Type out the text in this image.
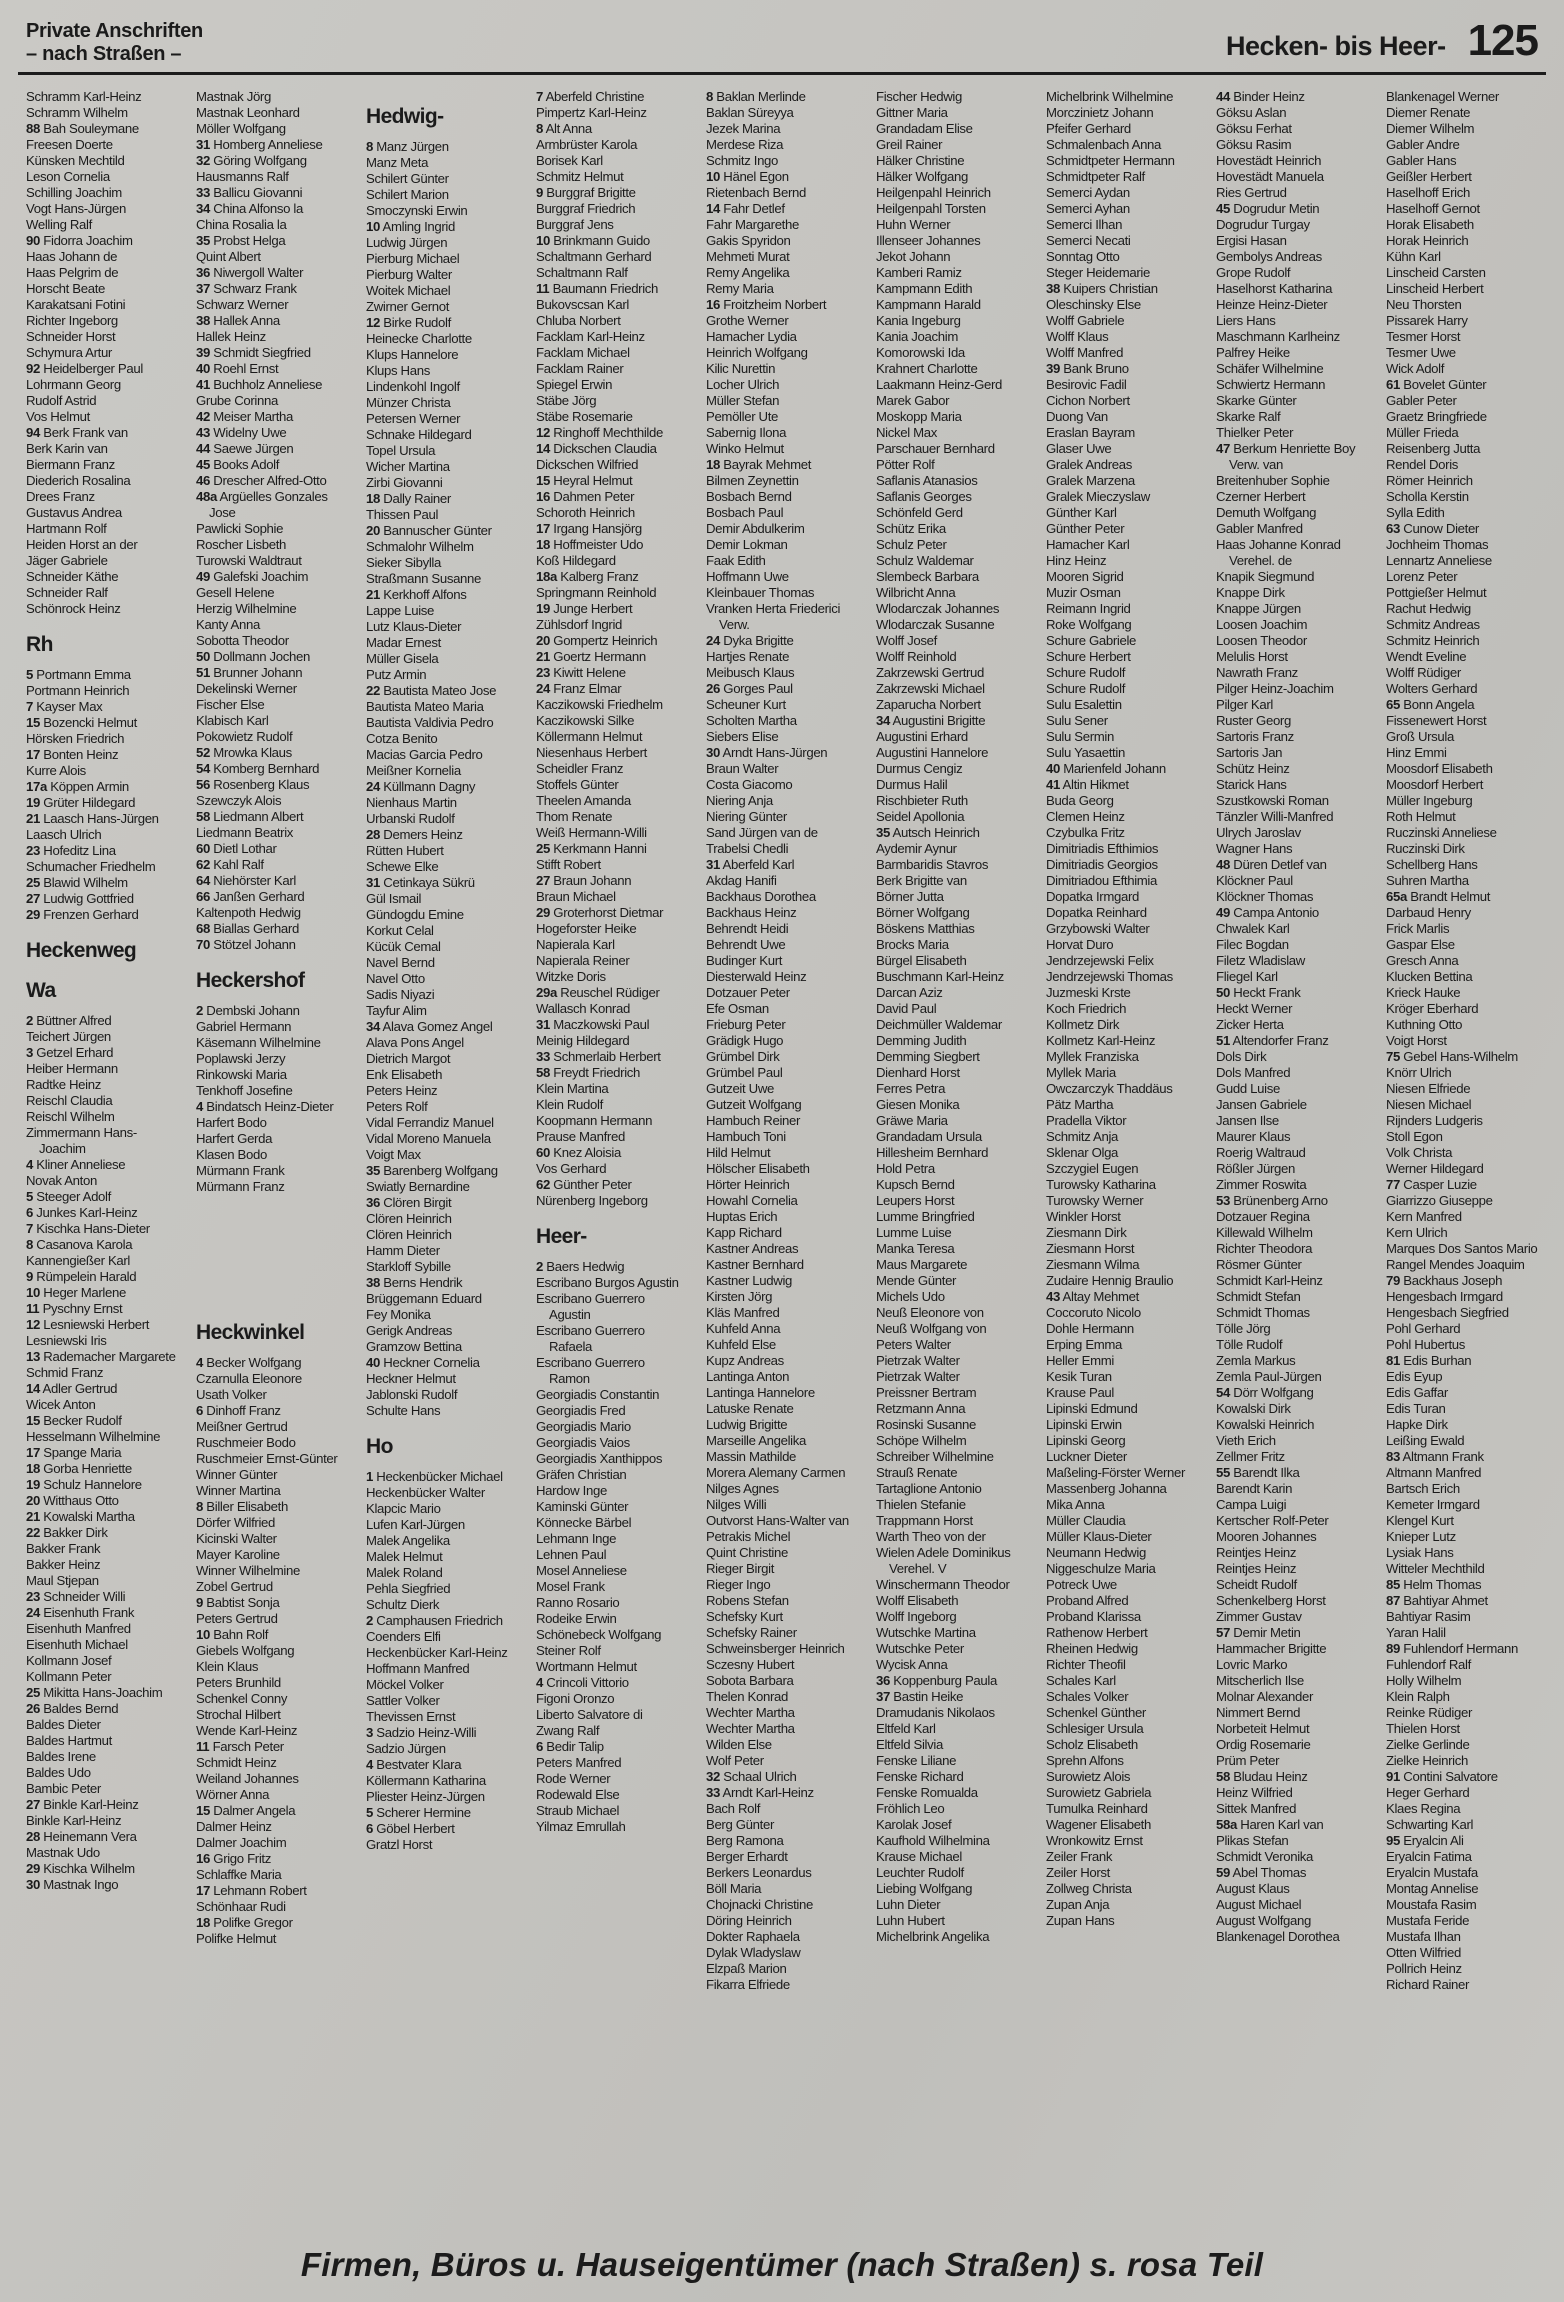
Private Anschriften
– nach Straßen –	Hecken- bis Heer- 125
Schramm Karl-Heinz
Schramm Wilhelm
88 Bah Souleymane
Freesen Doerte
Künsken Mechtild
Leson Cornelia
Schilling Joachim
Vogt Hans-Jürgen
Welling Ralf
90 Fidorra Joachim
Haas Johann de
Haas Pelgrim de
Horscht Beate
Karakatsani Fotini
Richter Ingeborg
Schneider Horst
Schymura Artur
92 Heidelberger Paul
Lohrmann Georg
Rudolf Astrid
Vos Helmut
94 Berk Frank van
Berk Karin van
Biermann Franz
Diederich Rosalina
Drees Franz
Gustavus Andrea
Hartmann Rolf
Heiden Horst an der
Jäger Gabriele
Schneider Käthe
Schneider Ralf
Schönrock Heinz
Rh
5 Portmann Emma
Portmann Heinrich
7 Kayser Max
15 Bozencki Helmut
Hörsken Friedrich
17 Bonten Heinz
Kurre Alois
17a Köppen Armin
19 Grüter Hildegard
21 Laasch Hans-Jürgen
Laasch Ulrich
23 Hofeditz Lina
Schumacher Friedhelm
25 Blawid Wilhelm
27 Ludwig Gottfried
29 Frenzen Gerhard
Heckenweg
Wa
2 Büttner Alfred
Teichert Jürgen
3 Getzel Erhard
Heiber Hermann
Radtke Heinz
Reischl Claudia
Reischl Wilhelm
Zimmermann Hans-Joachim
4 Kliner Anneliese
Novak Anton
5 Steeger Adolf
6 Junkes Karl-Heinz
7 Kischka Hans-Dieter
8 Casanova Karola
Kannengießer Karl
9 Rümpelein Harald
10 Heger Marlene
11 Pyschny Ernst
12 Lesniewski Herbert
Lesniewski Iris
13 Rademacher Margarete
Schmid Franz
14 Adler Gertrud
Wicek Anton
15 Becker Rudolf
Hesselmann Wilhelmine
17 Spange Maria
18 Gorba Henriette
19 Schulz Hannelore
20 Witthaus Otto
21 Kowalski Martha
22 Bakker Dirk
Bakker Frank
Bakker Heinz
Maul Stjepan
23 Schneider Willi
24 Eisenhuth Frank
Eisenhuth Manfred
Eisenhuth Michael
Kollmann Josef
Kollmann Peter
25 Mikitta Hans-Joachim
26 Baldes Bernd
Baldes Dieter
Baldes Hartmut
Baldes Irene
Baldes Udo
Bambic Peter
27 Binkle Karl-Heinz
Binkle Karl-Heinz
28 Heinemann Vera
Mastnak Udo
29 Kischka Wilhelm
30 Mastnak Ingo
Mastnak Jörg
Mastnak Leonhard
Möller Wolfgang
31 Homberg Anneliese
32 Göring Wolfgang
Hausmanns Ralf
33 Ballicu Giovanni
34 China Alfonso la
China Rosalia la
35 Probst Helga
Quint Albert
36 Niwergoll Walter
37 Schwarz Frank
Schwarz Werner
38 Hallek Anna
Hallek Heinz
39 Schmidt Siegfried
40 Roehl Ernst
41 Buchholz Anneliese
Grube Corinna
42 Meiser Martha
43 Widelny Uwe
44 Saewe Jürgen
45 Books Adolf
46 Drescher Alfred-Otto
48a Argüelles Gonzales Jose
Pawlicki Sophie
Roscher Lisbeth
Turowski Waldtraut
49 Galefski Joachim
Gesell Helene
Herzig Wilhelmine
Kanty Anna
Sobotta Theodor
50 Dollmann Jochen
51 Brunner Johann
Dekelinski Werner
Fischer Else
Klabisch Karl
Pokowietz Rudolf
52 Mrowka Klaus
54 Komberg Bernhard
56 Rosenberg Klaus
Szewczyk Alois
58 Liedmann Albert
Liedmann Beatrix
60 Dietl Lothar
62 Kahl Ralf
64 Niehörster Karl
66 Janßen Gerhard
Kaltenpoth Hedwig
68 Biallas Gerhard
70 Stötzel Johann
Heckershof
2 Dembski Johann
Gabriel Hermann
Käsemann Wilhelmine
Poplawski Jerzy
Rinkowski Maria
Tenkhoff Josefine
4 Bindatsch Heinz-Dieter
Harfert Bodo
Harfert Gerda
Klasen Bodo
Mürmann Frank
Mürmann Franz
Heckwinkel
4 Becker Wolfgang
Czarnulla Eleonore
Usath Volker
6 Dinhoff Franz
Meißner Gertrud
Ruschmeier Bodo
Ruschmeier Ernst-Günter
Winner Günter
Winner Martina
8 Biller Elisabeth
Dörfer Wilfried
Kicinski Walter
Mayer Karoline
Winner Wilhelmine
Zobel Gertrud
9 Babtist Sonja
Peters Gertrud
10 Bahn Rolf
Giebels Wolfgang
Klein Klaus
Peters Brunhild
Schenkel Conny
Strochal Hilbert
Wende Karl-Heinz
11 Farsch Peter
Schmidt Heinz
Weiland Johannes
Wörner Anna
15 Dalmer Angela
Dalmer Heinz
Dalmer Joachim
16 Grigo Fritz
Schlaffke Maria
17 Lehmann Robert
Schönhaar Rudi
18 Polifke Gregor
Polifke Helmut
Hedwig-
8 Manz Jürgen
Manz Meta
Schilert Günter
Schilert Marion
Smoczynski Erwin
10 Amling Ingrid
Ludwig Jürgen
Pierburg Michael
Pierburg Walter
Woitek Michael
Zwirner Gernot
12 Birke Rudolf
Heinecke Charlotte
Klups Hannelore
Klups Hans
Lindenkohl Ingolf
Münzer Christa
Petersen Werner
Schnake Hildegard
Topel Ursula
Wicher Martina
Zirbi Giovanni
18 Dally Rainer
Thissen Paul
20 Bannuscher Günter
Schmalohr Wilhelm
Sieker Sibylla
Straßmann Susanne
21 Kerkhoff Alfons
Lappe Luise
Lutz Klaus-Dieter
Madar Ernest
Müller Gisela
Putz Armin
22 Bautista Mateo Jose
Bautista Mateo Maria
Bautista Valdivia Pedro
Cotza Benito
Macias Garcia Pedro
Meißner Kornelia
24 Küllmann Dagny
Nienhaus Martin
Urbanski Rudolf
28 Demers Heinz
Rütten Hubert
Schewe Elke
31 Cetinkaya Sükrü
Gül Ismail
Gündogdu Emine
Korkut Celal
Kücük Cemal
Navel Bernd
Navel Otto
Sadis Niyazi
Tayfur Alim
34 Alava Gomez Angel
Alava Pons Angel
Dietrich Margot
Enk Elisabeth
Peters Heinz
Peters Rolf
Vidal Ferrandiz Manuel
Vidal Moreno Manuela
Voigt Max
35 Barenberg Wolfgang
Swiatly Bernardine
36 Clören Birgit
Clören Heinrich
Clören Heinrich
Hamm Dieter
Starkloff Sybille
38 Berns Hendrik
Brüggemann Eduard
Fey Monika
Gerigk Andreas
Gramzow Bettina
40 Heckner Cornelia
Heckner Helmut
Jablonski Rudolf
Schulte Hans
Ho
1 Heckenbücker Michael
Heckenbücker Walter
Klapcic Mario
Lufen Karl-Jürgen
Malek Angelika
Malek Helmut
Malek Roland
Pehla Siegfried
Schultz Dierk
2 Camphausen Friedrich
Coenders Elfi
Heckenbücker Karl-Heinz
Hoffmann Manfred
Möckel Volker
Sattler Volker
Thevissen Ernst
3 Sadzio Heinz-Willi
Sadzio Jürgen
4 Bestvater Klara
Köllermann Katharina
Pliester Heinz-Jürgen
5 Scherer Hermine
6 Göbel Herbert
Gratzl Horst
7 Aberfeld Christine
Pimpertz Karl-Heinz
8 Alt Anna
Armbrüster Karola
Borisek Karl
Schmitz Helmut
9 Burggraf Brigitte
Burggraf Friedrich
Burggraf Jens
10 Brinkmann Guido
Schaltmann Gerhard
Schaltmann Ralf
11 Baumann Friedrich
Bukovscsan Karl
Chluba Norbert
Facklam Karl-Heinz
Facklam Michael
Facklam Rainer
Spiegel Erwin
Stäbe Jörg
Stäbe Rosemarie
12 Ringhoff Mechthilde
14 Dickschen Claudia
Dickschen Wilfried
15 Heyral Helmut
16 Dahmen Peter
Schoroth Heinrich
17 Irgang Hansjörg
18 Hoffmeister Udo
Koß Hildegard
18a Kalberg Franz
Springmann Reinhold
19 Junge Herbert
Zühlsdorf Ingrid
20 Gompertz Heinrich
21 Goertz Hermann
23 Kiwitt Helene
24 Franz Elmar
Kaczikowski Friedhelm
Kaczikowski Silke
Köllermann Helmut
Niesenhaus Herbert
Scheidler Franz
Stoffels Günter
Theelen Amanda
Thom Renate
Weiß Hermann-Willi
25 Kerkmann Hanni
Stifft Robert
27 Braun Johann
Braun Michael
29 Groterhorst Dietmar
Hogeforster Heike
Napierala Karl
Napierala Reiner
Witzke Doris
29a Reuschel Rüdiger
Wallasch Konrad
31 Maczkowski Paul
Meinig Hildegard
33 Schmerlaib Herbert
58 Freydt Friedrich
Klein Martina
Klein Rudolf
Koopmann Hermann
Prause Manfred
60 Knez Aloisia
Vos Gerhard
62 Günther Peter
Nürenberg Ingeborg
Heer-
2 Baers Hedwig
Escribano Burgos Agustin
Escribano Guerrero Agustin
Escribano Guerrero Rafaela
Escribano Guerrero Ramon
Georgiadis Constantin
Georgiadis Fred
Georgiadis Mario
Georgiadis Vaios
Georgiadis Xanthippos
Gräfen Christian
Hardow Inge
Kaminski Günter
Könnecke Bärbel
Lehmann Inge
Lehnen Paul
Mosel Anneliese
Mosel Frank
Ranno Rosario
Rodeike Erwin
Schönebeck Wolfgang
Steiner Rolf
Wortmann Helmut
4 Crincoli Vittorio
Figoni Oronzo
Liberto Salvatore di
Zwang Ralf
6 Bedir Talip
Peters Manfred
Rode Werner
Rodewald Else
Straub Michael
Yilmaz Emrullah
8 Baklan Merlinde
Baklan Süreyya
Jezek Marina
Merdese Riza
Schmitz Ingo
10 Hänel Egon
Rietenbach Bernd
14 Fahr Detlef
Fahr Margarethe
Gakis Spyridon
Mehmeti Murat
Remy Angelika
Remy Maria
16 Froitzheim Norbert
Grothe Werner
Hamacher Lydia
Heinrich Wolfgang
Kilic Nurettin
Locher Ulrich
Müller Stefan
Pemöller Ute
Sabernig Ilona
Winko Helmut
18 Bayrak Mehmet
Bilmen Zeynettin
Bosbach Bernd
Bosbach Paul
Demir Abdulkerim
Demir Lokman
Faak Edith
Hoffmann Uwe
Kleinbauer Thomas
Vranken Herta Friederici Verw.
24 Dyka Brigitte
Hartjes Renate
Meibusch Klaus
26 Gorges Paul
Scheuner Kurt
Scholten Martha
Siebers Elise
30 Arndt Hans-Jürgen
Braun Walter
Costa Giacomo
Niering Anja
Niering Günter
Sand Jürgen van de
Trabelsi Chedli
31 Aberfeld Karl
Akdag Hanifi
Backhaus Dorothea
Backhaus Heinz
Behrendt Heidi
Behrendt Uwe
Budinger Kurt
Diesterwald Heinz
Dotzauer Peter
Efe Osman
Frieburg Peter
Grädigk Hugo
Grümbel Dirk
Grümbel Paul
Gutzeit Uwe
Gutzeit Wolfgang
Hambuch Reiner
Hambuch Toni
Hild Helmut
Hölscher Elisabeth
Hörter Heinrich
Howahl Cornelia
Huptas Erich
Kapp Richard
Kastner Andreas
Kastner Bernhard
Kastner Ludwig
Kirsten Jörg
Kläs Manfred
Kuhfeld Anna
Kuhfeld Else
Kupz Andreas
Lantinga Anton
Lantinga Hannelore
Latuske Renate
Ludwig Brigitte
Marseille Angelika
Massin Mathilde
Morera Alemany Carmen
Nilges Agnes
Nilges Willi
Outvorst Hans-Walter van
Petrakis Michel
Quint Christine
Rieger Birgit
Rieger Ingo
Robens Stefan
Schefsky Kurt
Schefsky Rainer
Schweinsberger Heinrich
Sczesny Hubert
Sobota Barbara
Thelen Konrad
Wechter Martha
Wechter Martha
Wilden Else
Wolf Peter
32 Schaal Ulrich
33 Arndt Karl-Heinz
Bach Rolf
Berg Günter
Berg Ramona
Berger Erhardt
Berkers Leonardus
Böll Maria
Chojnacki Christine
Döring Heinrich
Dokter Raphaela
Dylak Wladyslaw
Elzpaß Marion
Fikarra Elfriede
Fischer Hedwig
Gittner Maria
Grandadam Elise
Greil Rainer
Hälker Christine
Hälker Wolfgang
Heilgenpahl Heinrich
Heilgenpahl Torsten
Huhn Werner
Illenseer Johannes
Jekot Johann
Kamberi Ramiz
Kampmann Edith
Kampmann Harald
Kania Ingeburg
Kania Joachim
Komorowski Ida
Krahnert Charlotte
Laakmann Heinz-Gerd
Marek Gabor
Moskopp Maria
Nickel Max
Parschauer Bernhard
Pötter Rolf
Saflanis Atanasios
Saflanis Georges
Schönfeld Gerd
Schütz Erika
Schulz Peter
Schulz Waldemar
Slembeck Barbara
Wilbricht Anna
Wlodarczak Johannes
Wlodarczak Susanne
Wolff Josef
Wolff Reinhold
Zakrzewski Gertrud
Zakrzewski Michael
Zaparucha Norbert
34 Augustini Brigitte
Augustini Erhard
Augustini Hannelore
Durmus Cengiz
Durmus Halil
Rischbieter Ruth
Seidel Apollonia
35 Autsch Heinrich
Aydemir Aynur
Barmbaridis Stavros
Berk Brigitte van
Börner Jutta
Börner Wolfgang
Böskens Matthias
Brocks Maria
Bürgel Elisabeth
Buschmann Karl-Heinz
Darcan Aziz
David Paul
Deichmüller Waldemar
Demming Judith
Demming Siegbert
Dienhard Horst
Ferres Petra
Giesen Monika
Gräwe Maria
Grandadam Ursula
Hillesheim Bernhard
Hold Petra
Kupsch Bernd
Leupers Horst
Lumme Bringfried
Lumme Luise
Manka Teresa
Maus Margarete
Mende Günter
Michels Udo
Neuß Eleonore von
Neuß Wolfgang von
Peters Walter
Pietrzak Walter
Pietrzak Walter
Preissner Bertram
Retzmann Anna
Rosinski Susanne
Schöpe Wilhelm
Schreiber Wilhelmine
Strauß Renate
Tartaglione Antonio
Thielen Stefanie
Trappmann Horst
Warth Theo von der
Wielen Adele Dominikus Verehel. V
Winschermann Theodor
Wolff Elisabeth
Wolff Ingeborg
Wutschke Martina
Wutschke Peter
Wycisk Anna
36 Koppenburg Paula
37 Bastin Heike
Dramudanis Nikolaos
Eltfeld Karl
Eltfeld Silvia
Fenske Liliane
Fenske Richard
Fenske Romualda
Fröhlich Leo
Karolak Josef
Kaufhold Wilhelmina
Krause Michael
Leuchter Rudolf
Liebing Wolfgang
Luhn Dieter
Luhn Hubert
Michelbrink Angelika
Michelbrink Wilhelmine
Morczinietz Johann
Pfeifer Gerhard
Schmalenbach Anna
Schmidtpeter Hermann
Schmidtpeter Ralf
Semerci Aydan
Semerci Ayhan
Semerci Ilhan
Semerci Necati
Sonntag Otto
Steger Heidemarie
38 Kuipers Christian
Oleschinsky Else
Wolff Gabriele
Wolff Klaus
Wolff Manfred
39 Bank Bruno
Besirovic Fadil
Cichon Norbert
Duong Van
Eraslan Bayram
Glaser Uwe
Gralek Andreas
Gralek Marzena
Gralek Mieczyslaw
Günther Karl
Günther Peter
Hamacher Karl
Hinz Heinz
Mooren Sigrid
Muzir Osman
Reimann Ingrid
Roke Wolfgang
Schure Gabriele
Schure Herbert
Schure Rudolf
Schure Rudolf
Sulu Esalettin
Sulu Sener
Sulu Sermin
Sulu Yasaettin
40 Marienfeld Johann
41 Altin Hikmet
Buda Georg
Clemen Heinz
Czybulka Fritz
Dimitriadis Efthimios
Dimitriadis Georgios
Dimitriadou Efthimia
Dopatka Irmgard
Dopatka Reinhard
Grzybowski Walter
Horvat Duro
Jendrzejewski Felix
Jendrzejewski Thomas
Juzmeski Krste
Koch Friedrich
Kollmetz Dirk
Kollmetz Karl-Heinz
Myllek Franziska
Myllek Maria
Owczarczyk Thaddäus
Pätz Martha
Pradella Viktor
Schmitz Anja
Sklenar Olga
Szczygiel Eugen
Turowsky Katharina
Turowsky Werner
Winkler Horst
Ziesmann Dirk
Ziesmann Horst
Ziesmann Wilma
Zudaire Hennig Braulio
43 Altay Mehmet
Coccoruto Nicolo
Dohle Hermann
Erping Emma
Heller Emmi
Kesik Turan
Krause Paul
Lipinski Edmund
Lipinski Erwin
Lipinski Georg
Luckner Dieter
Maßeling-Förster Werner
Massenberg Johanna
Mika Anna
Müller Claudia
Müller Klaus-Dieter
Neumann Hedwig
Niggeschulze Maria
Potreck Uwe
Proband Alfred
Proband Klarissa
Rathenow Herbert
Rheinen Hedwig
Richter Theofil
Schales Karl
Schales Volker
Schenkel Günther
Schlesiger Ursula
Scholz Elisabeth
Sprehn Alfons
Surowietz Alois
Surowietz Gabriela
Tumulka Reinhard
Wagener Elisabeth
Wronkowitz Ernst
Zeiler Frank
Zeiler Horst
Zollweg Christa
Zupan Anja
Zupan Hans
44 Binder Heinz
Göksu Aslan
Göksu Ferhat
Göksu Rasim
Hovestädt Heinrich
Hovestädt Manuela
Ries Gertrud
45 Dogrudur Metin
Dogrudur Turgay
Ergisi Hasan
Gembolys Andreas
Grope Rudolf
Haselhorst Katharina
Heinze Heinz-Dieter
Liers Hans
Maschmann Karlheinz
Palfrey Heike
Schäfer Wilhelmine
Schwiertz Hermann
Skarke Günter
Skarke Ralf
Thielker Peter
47 Berkum Henriette Boy Verw. van
Breitenhuber Sophie
Czerner Herbert
Demuth Wolfgang
Gabler Manfred
Haas Johanne Konrad Verehel. de
Knapik Siegmund
Knappe Dirk
Knappe Jürgen
Loosen Joachim
Loosen Theodor
Melulis Horst
Nawrath Franz
Pilger Heinz-Joachim
Pilger Karl
Ruster Georg
Sartoris Franz
Sartoris Jan
Schütz Heinz
Starick Hans
Szustkowski Roman
Tänzler Willi-Manfred
Ulrych Jaroslav
Wagner Hans
48 Düren Detlef van
Klöckner Paul
Klöckner Thomas
49 Campa Antonio
Chwalek Karl
Filec Bogdan
Filetz Wladislaw
Fliegel Karl
50 Heckt Frank
Heckt Werner
Zicker Herta
51 Altendorfer Franz
Dols Dirk
Dols Manfred
Gudd Luise
Jansen Gabriele
Jansen Ilse
Maurer Klaus
Roerig Waltraud
Rößler Jürgen
Zimmer Roswita
53 Brünenberg Arno
Dotzauer Regina
Killewald Wilhelm
Richter Theodora
Rösmer Günter
Schmidt Karl-Heinz
Schmidt Stefan
Schmidt Thomas
Tölle Jörg
Tölle Rudolf
Zemla Markus
Zemla Paul-Jürgen
54 Dörr Wolfgang
Kowalski Dirk
Kowalski Heinrich
Vieth Erich
Zellmer Fritz
55 Barendt Ilka
Barendt Karin
Campa Luigi
Kertscher Rolf-Peter
Mooren Johannes
Reintjes Heinz
Reintjes Heinz
Scheidt Rudolf
Schenkelberg Horst
Zimmer Gustav
57 Demir Metin
Hammacher Brigitte
Lovric Marko
Mitscherlich Ilse
Molnar Alexander
Nimmert Bernd
Norbeteit Helmut
Ordig Rosemarie
Prüm Peter
58 Bludau Heinz
Heinz Wilfried
Sittek Manfred
58a Haren Karl van
Plikas Stefan
Schmidt Veronika
59 Abel Thomas
August Klaus
August Michael
August Wolfgang
Blankenagel Dorothea
Blankenagel Werner
Diemer Renate
Diemer Wilhelm
Gabler Andre
Gabler Hans
Geißler Herbert
Haselhoff Erich
Haselhoff Gernot
Horak Elisabeth
Horak Heinrich
Kühn Karl
Linscheid Carsten
Linscheid Herbert
Neu Thorsten
Pissarek Harry
Tesmer Horst
Tesmer Uwe
Wick Adolf
61 Bovelet Günter
Gabler Peter
Graetz Bringfriede
Müller Frieda
Reisenberg Jutta
Rendel Doris
Römer Heinrich
Scholla Kerstin
Sylla Edith
63 Cunow Dieter
Jochheim Thomas
Lennartz Anneliese
Lorenz Peter
Pottgießer Helmut
Rachut Hedwig
Schmitz Andreas
Schmitz Heinrich
Wendt Eveline
Wolff Rüdiger
Wolters Gerhard
65 Bonn Angela
Fissenewert Horst
Groß Ursula
Hinz Emmi
Moosdorf Elisabeth
Moosdorf Herbert
Müller Ingeburg
Roth Helmut
Ruczinski Anneliese
Ruczinski Dirk
Schellberg Hans
Suhren Martha
65a Brandt Helmut
Darbaud Henry
Frick Marlis
Gaspar Else
Gresch Anna
Klucken Bettina
Krieck Hauke
Kröger Eberhard
Kuthning Otto
Voigt Horst
75 Gebel Hans-Wilhelm
Knörr Ulrich
Niesen Elfriede
Niesen Michael
Rijnders Ludgeris
Stoll Egon
Volk Christa
Werner Hildegard
77 Casper Luzie
Giarrizzo Giuseppe
Kern Manfred
Kern Ulrich
Marques Dos Santos Mario
Rangel Mendes Joaquim
79 Backhaus Joseph
Hengesbach Irmgard
Hengesbach Siegfried
Pohl Gerhard
Pohl Hubertus
81 Edis Burhan
Edis Eyup
Edis Gaffar
Edis Turan
Hapke Dirk
Leißing Ewald
83 Altmann Frank
Altmann Manfred
Bartsch Erich
Kemeter Irmgard
Klengel Kurt
Knieper Lutz
Lysiak Hans
Witteler Mechthild
85 Helm Thomas
87 Bahtiyar Ahmet
Bahtiyar Rasim
Yaran Halil
89 Fuhlendorf Hermann
Fuhlendorf Ralf
Holly Wilhelm
Klein Ralph
Reinke Rüdiger
Thielen Horst
Zielke Gerlinde
Zielke Heinrich
91 Contini Salvatore
Heger Gerhard
Klaes Regina
Schwarting Karl
95 Eryalcin Ali
Eryalcin Fatima
Eryalcin Mustafa
Montag Annelise
Moustafa Rasim
Mustafa Feride
Mustafa Ilhan
Otten Wilfried
Pollrich Heinz
Richard Rainer
Firmen, Büros u. Hauseigentümer (nach Straßen) s. rosa Teil
